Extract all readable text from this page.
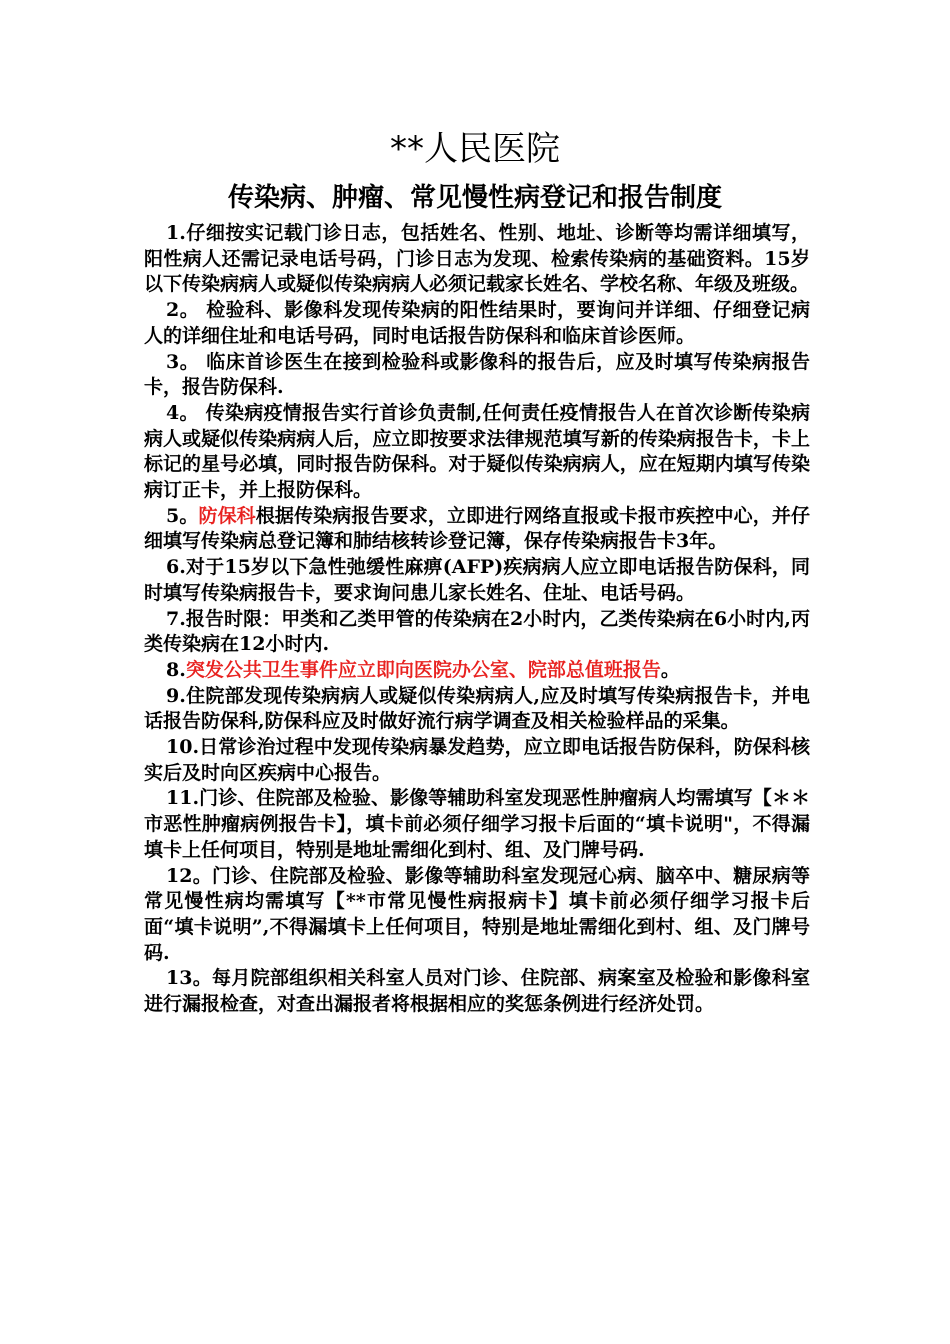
**人民医院
传染病、肿瘤、常见慢性病登记和报告制度

1.仔细按实记载门诊日志，包括姓名、性别、地址、诊断等均需详细填写，阳性病人还需记录电话号码，门诊日志为发现、检索传染病的基础资料。15岁以下传染病病人或疑似传染病病人必须记载家长姓名、学校名称、年级及班级。

2。 检验科、影像科发现传染病的阳性结果时，要询问并详细、仔细登记病人的详细住址和电话号码，同时电话报告防保科和临床首诊医师。

3。 临床首诊医生在接到检验科或影像科的报告后，应及时填写传染病报告卡，报告防保科.

4。 传染病疫情报告实行首诊负责制,任何责任疫情报告人在首次诊断传染病病人或疑似传染病病人后，应立即按要求法律规范填写新的传染病报告卡，卡上标记的星号必填，同时报告防保科。对于疑似传染病病人，应在短期内填写传染病订正卡，并上报防保科。

5。防保科根据传染病报告要求，立即进行网络直报或卡报市疾控中心，并仔细填写传染病总登记簿和肺结核转诊登记簿，保存传染病报告卡3年。

6.对于15岁以下急性弛缓性麻痹(AFP)疾病病人应立即电话报告防保科，同时填写传染病报告卡，要求询问患儿家长姓名、住址、电话号码。

7.报告时限：甲类和乙类甲管的传染病在2小时内，乙类传染病在6小时内,丙类传染病在12小时内.

8.突发公共卫生事件应立即向医院办公室、院部总值班报告。

9.住院部发现传染病病人或疑似传染病病人,应及时填写传染病报告卡，并电话报告防保科,防保科应及时做好流行病学调查及相关检验样品的采集。

10.日常诊治过程中发现传染病暴发趋势，应立即电话报告防保科，防保科核实后及时向区疾病中心报告。

11.门诊、住院部及检验、影像等辅助科室发现恶性肿瘤病人均需填写【＊＊市恶性肿瘤病例报告卡】，填卡前必须仔细学习报卡后面的“填卡说明"，不得漏填卡上任何项目，特别是地址需细化到村、组、及门牌号码.

12。门诊、住院部及检验、影像等辅助科室发现冠心病、脑卒中、糖尿病等常见慢性病均需填写【**市常见慢性病报病卡】填卡前必须仔细学习报卡后面“填卡说明”,不得漏填卡上任何项目，特别是地址需细化到村、组、及门牌号码.

13。每月院部组织相关科室人员对门诊、住院部、病案室及检验和影像科室进行漏报检查，对查出漏报者将根据相应的奖惩条例进行经济处罚。
